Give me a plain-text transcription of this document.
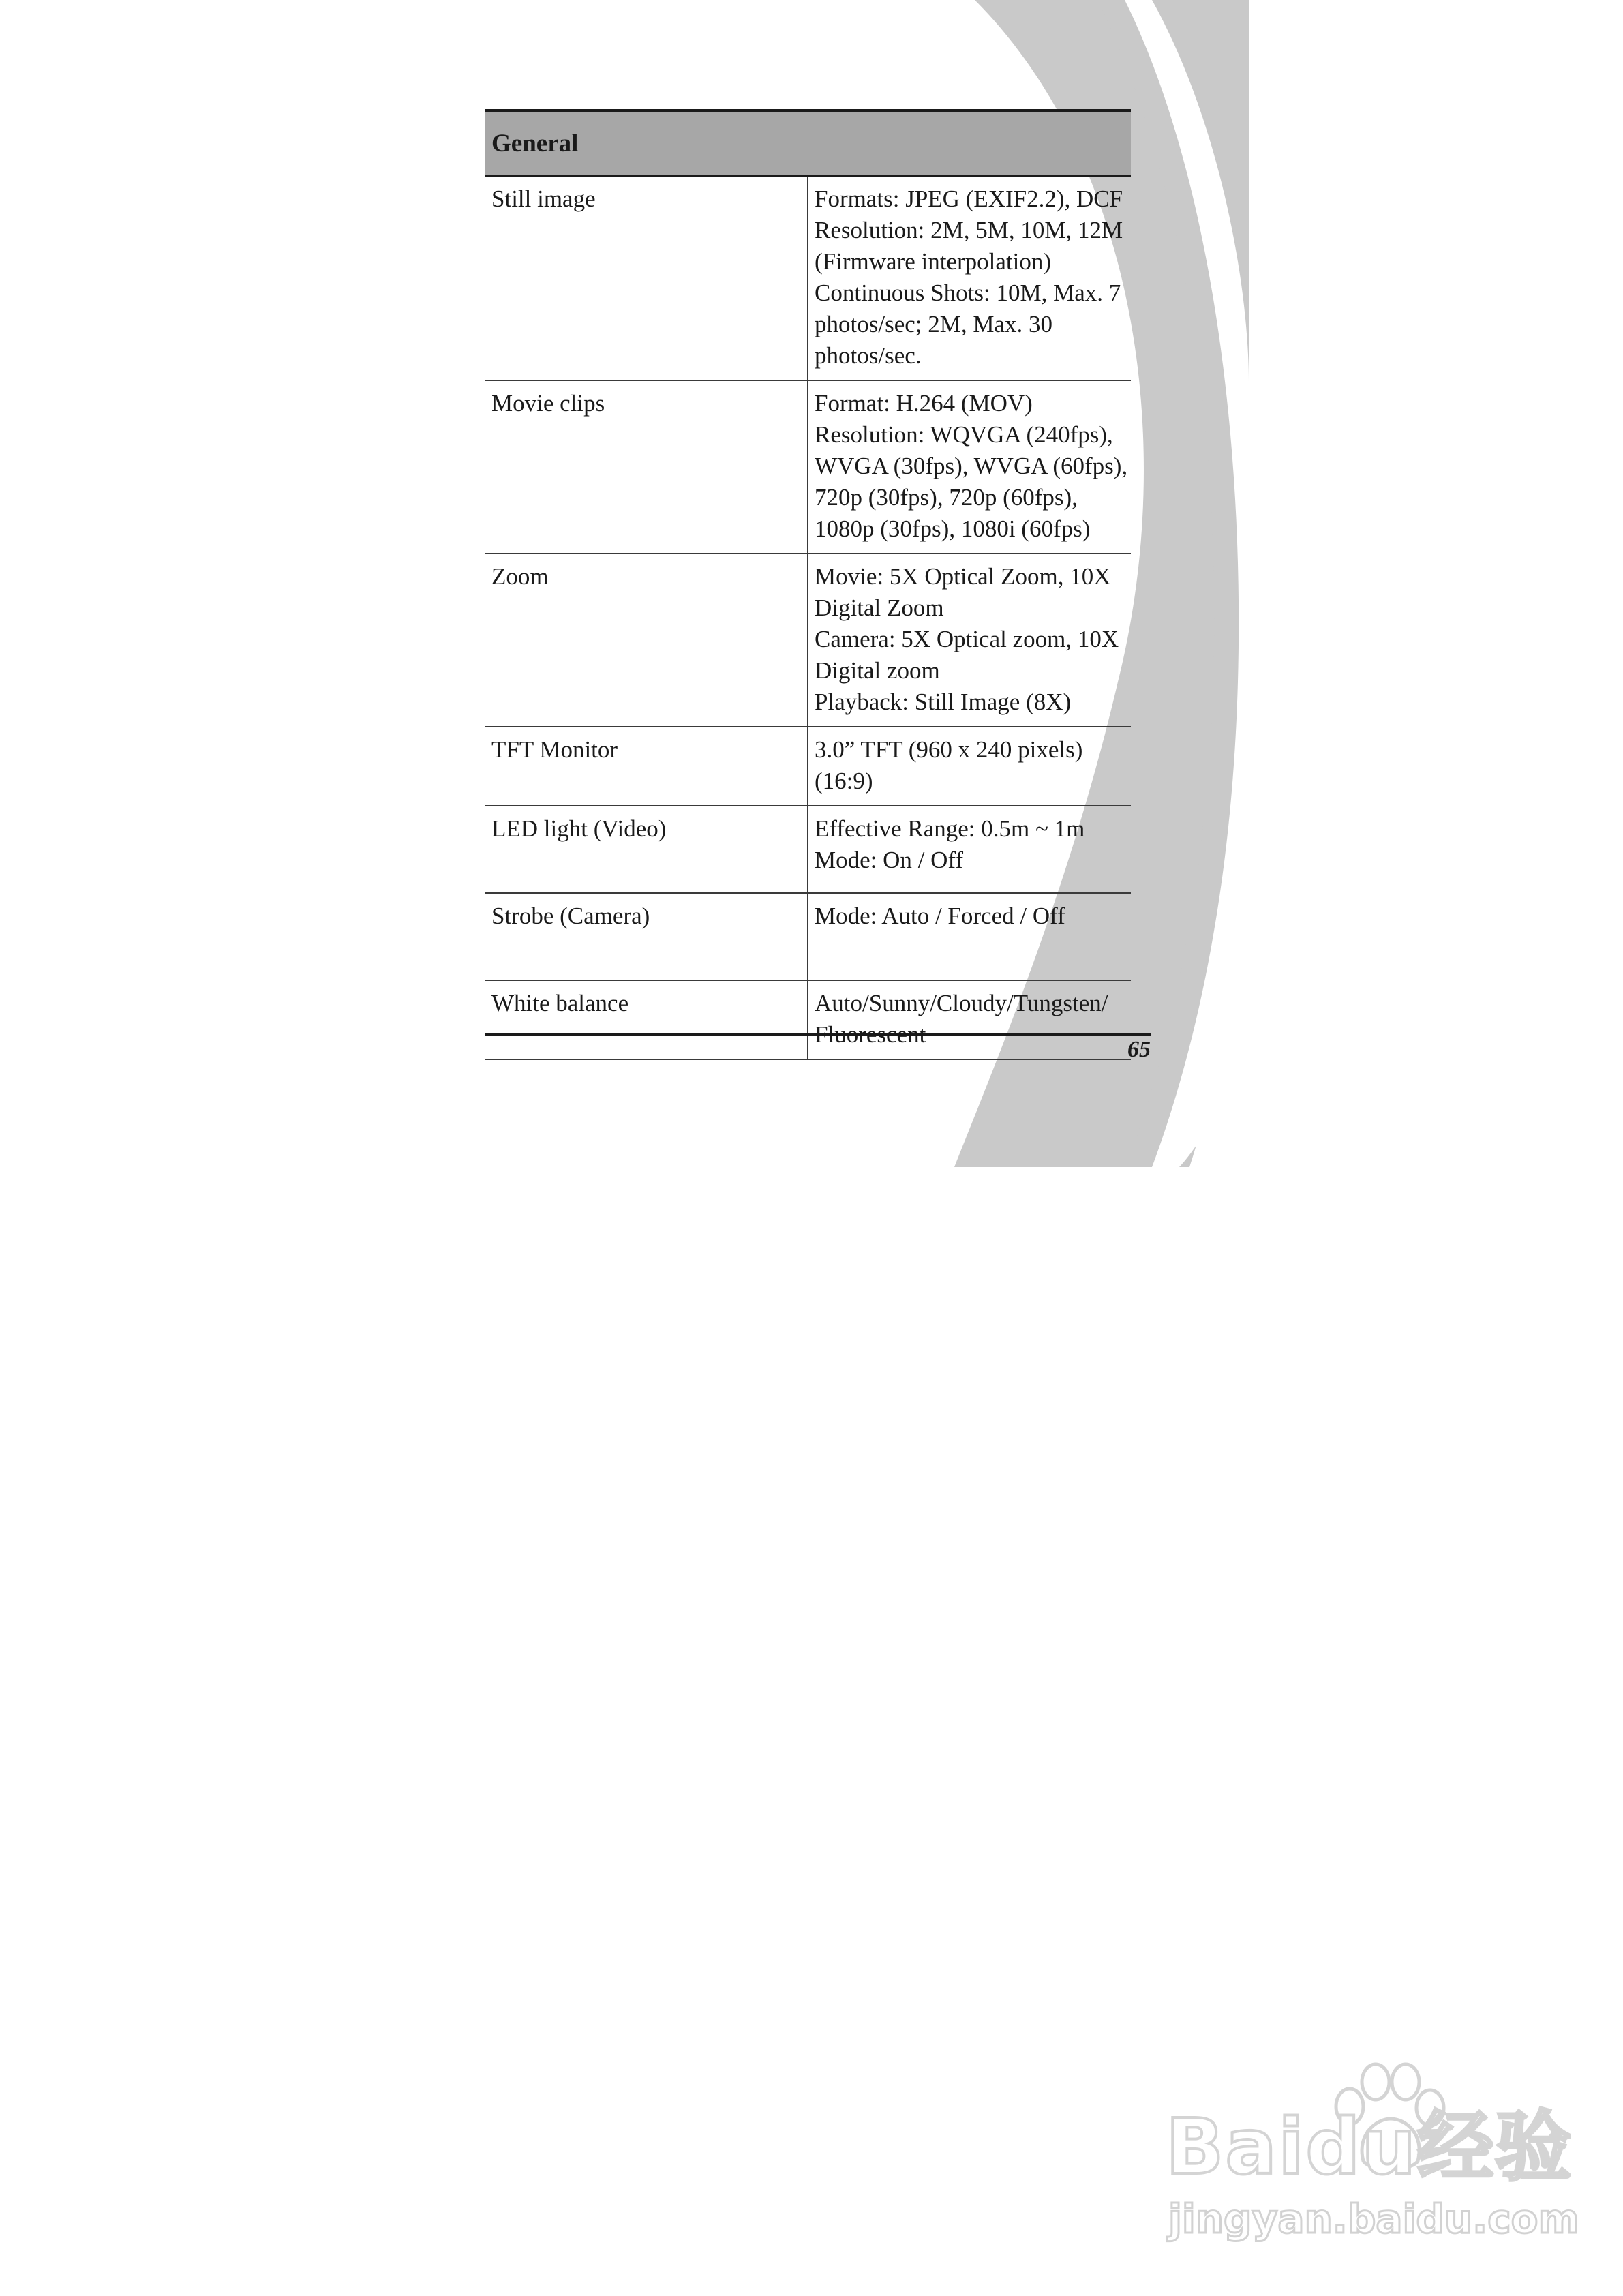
General	
Still image	Formats: JPEG (EXIF2.2), DCF
Resolution: 2M, 5M, 10M, 12M (Firmware interpolation)
Continuous Shots: 10M, Max. 7 photos/sec; 2M, Max. 30 photos/sec.

Movie clips	Format: H.264 (MOV)
Resolution: WQVGA (240fps), WVGA (30fps), WVGA (60fps), 720p (30fps), 720p (60fps), 1080p (30fps), 1080i (60fps)

Zoom	Movie: 5X Optical Zoom, 10X Digital Zoom
Camera: 5X Optical zoom, 10X Digital zoom
Playback: Still Image (8X)

TFT Monitor	3.0” TFT (960 x 240 pixels) (16:9)

LED light (Video)	Effective Range: 0.5m ~ 1m
Mode: On / Off

Strobe (Camera)	Mode: Auto / Forced / Off

White balance	Auto/Sunny/Cloudy/Tungsten/ Fluorescent
65
Baidu经验
jingyan.baidu.com
